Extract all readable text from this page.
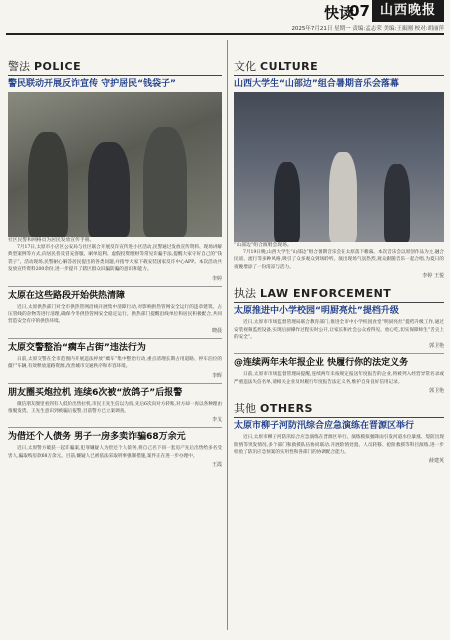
快读
07 山西晚报
2025年7月21日 星期一 责编:孟志荣 美编:王振刚 校对:胡丽萍
警法 POLICE
警民联动开展反诈宣传 守护居民“钱袋子”
社区民警和网格员为居民发放宣传手册。
7月17日,太原市小店区公安局与社区联合开展反诈宣传进小区活动,民警通过发放宣传资料、现场讲解典型案例等方式,向居民普及冒充客服、刷单返利、虚假投资理财等常见诈骗手法,提醒大家守好自己的“钱袋子”。活动现场,民警耐心解答居民提出的各类问题,并指导大家下载安装国家反诈中心APP。本次活动共发放宣传资料200余份,进一步提升了辖区群众识骗防骗的意识和能力。
李婷
太原在这些路段开始供热清障
近日,太原供热部门对全市供热管网沿线开展集中清障行动,对影响供热管网安全运行的违章建筑、占压管线的杂物等进行清理,确保今冬供热管网安全稳定运行。供热部门提醒沿线单位和居民积极配合,共同营造安全有序的供热环境。
晓晨
太原交警整治“瘸车占街”违法行为
日前,太原交警在全市范围内开展违法停放“瘸车”集中整治行动,重点清理长期占用道路、停车泊位的僵尸车辆,有效释放道路资源,改善城市交通秩序和市容环境。
李晖
朋友圈买炮拉机 连续6次被“放鸽子”后报警
微信朋友圈里看到有人低价出售拉机,市民王先生信以为真,先后6次向对方转账,对方却一再以各种理由推脱发货。王先生意识到被骗后报警,目前警方已立案调查。
李戈
为借还个人债务 男子一房多卖诈骗68万余元
近日,太原警方破获一起诈骗案,犯罪嫌疑人为偿还个人债务,将自己名下同一套房产先后出售给多名受害人,骗取购房款68万余元。目前,嫌疑人已被依法采取刑事强制措施,案件正在进一步办理中。
王霞
文化 CULTURE
山西大学生“山部边”组合暑期音乐会落幕
“山部边”组合演唱会现场。
7月19日晚,山西大学生“山部边”组合暑期音乐会在太原落下帷幕。本次音乐会以原创作品为主,融合民谣、流行等多种风格,吸引了众多观众到场聆听。演出现场气氛热烈,观众跟随音乐一起合唱,为夏日的夜晚增添了一份清凉与活力。
李婷 王悦
执法 LAW ENFORCEMENT
太原推进中小学校园“明厨亮灶”提档升级
近日,太原市市场监督管理局联合教育部门,推进全市中小学校园食堂“明厨亮灶”提档升级工作,通过安装视频监控设备,实现后厨操作过程实时公开,让家长和社会公众看得见、放心吃,切实保障师生“舌尖上的安全”。
郭卫艳
@连续两年未年报企业 快履行你的法定义务
日前,太原市市场监督管理局提醒,连续两年未按规定报送年度报告的企业,将被列入经营异常名录或严重违法失信名单,请相关企业及时履行年度报告法定义务,维护自身良好信用记录。
郭卫艳
其他 OTHERS
太原市柳子河防汛综合应急演练在晋源区举行
近日,太原市柳子河防汛综合应急演练在晋源区举行。演练模拟强降雨引发河道水位暴涨、堤防出现险情等突发情况,多个部门和救援队伍协同联动,开展险情处置、人员转移、抢险救援等科目演练,进一步检验了防汛应急预案的实用性和各部门的协调配合能力。
薛建英
